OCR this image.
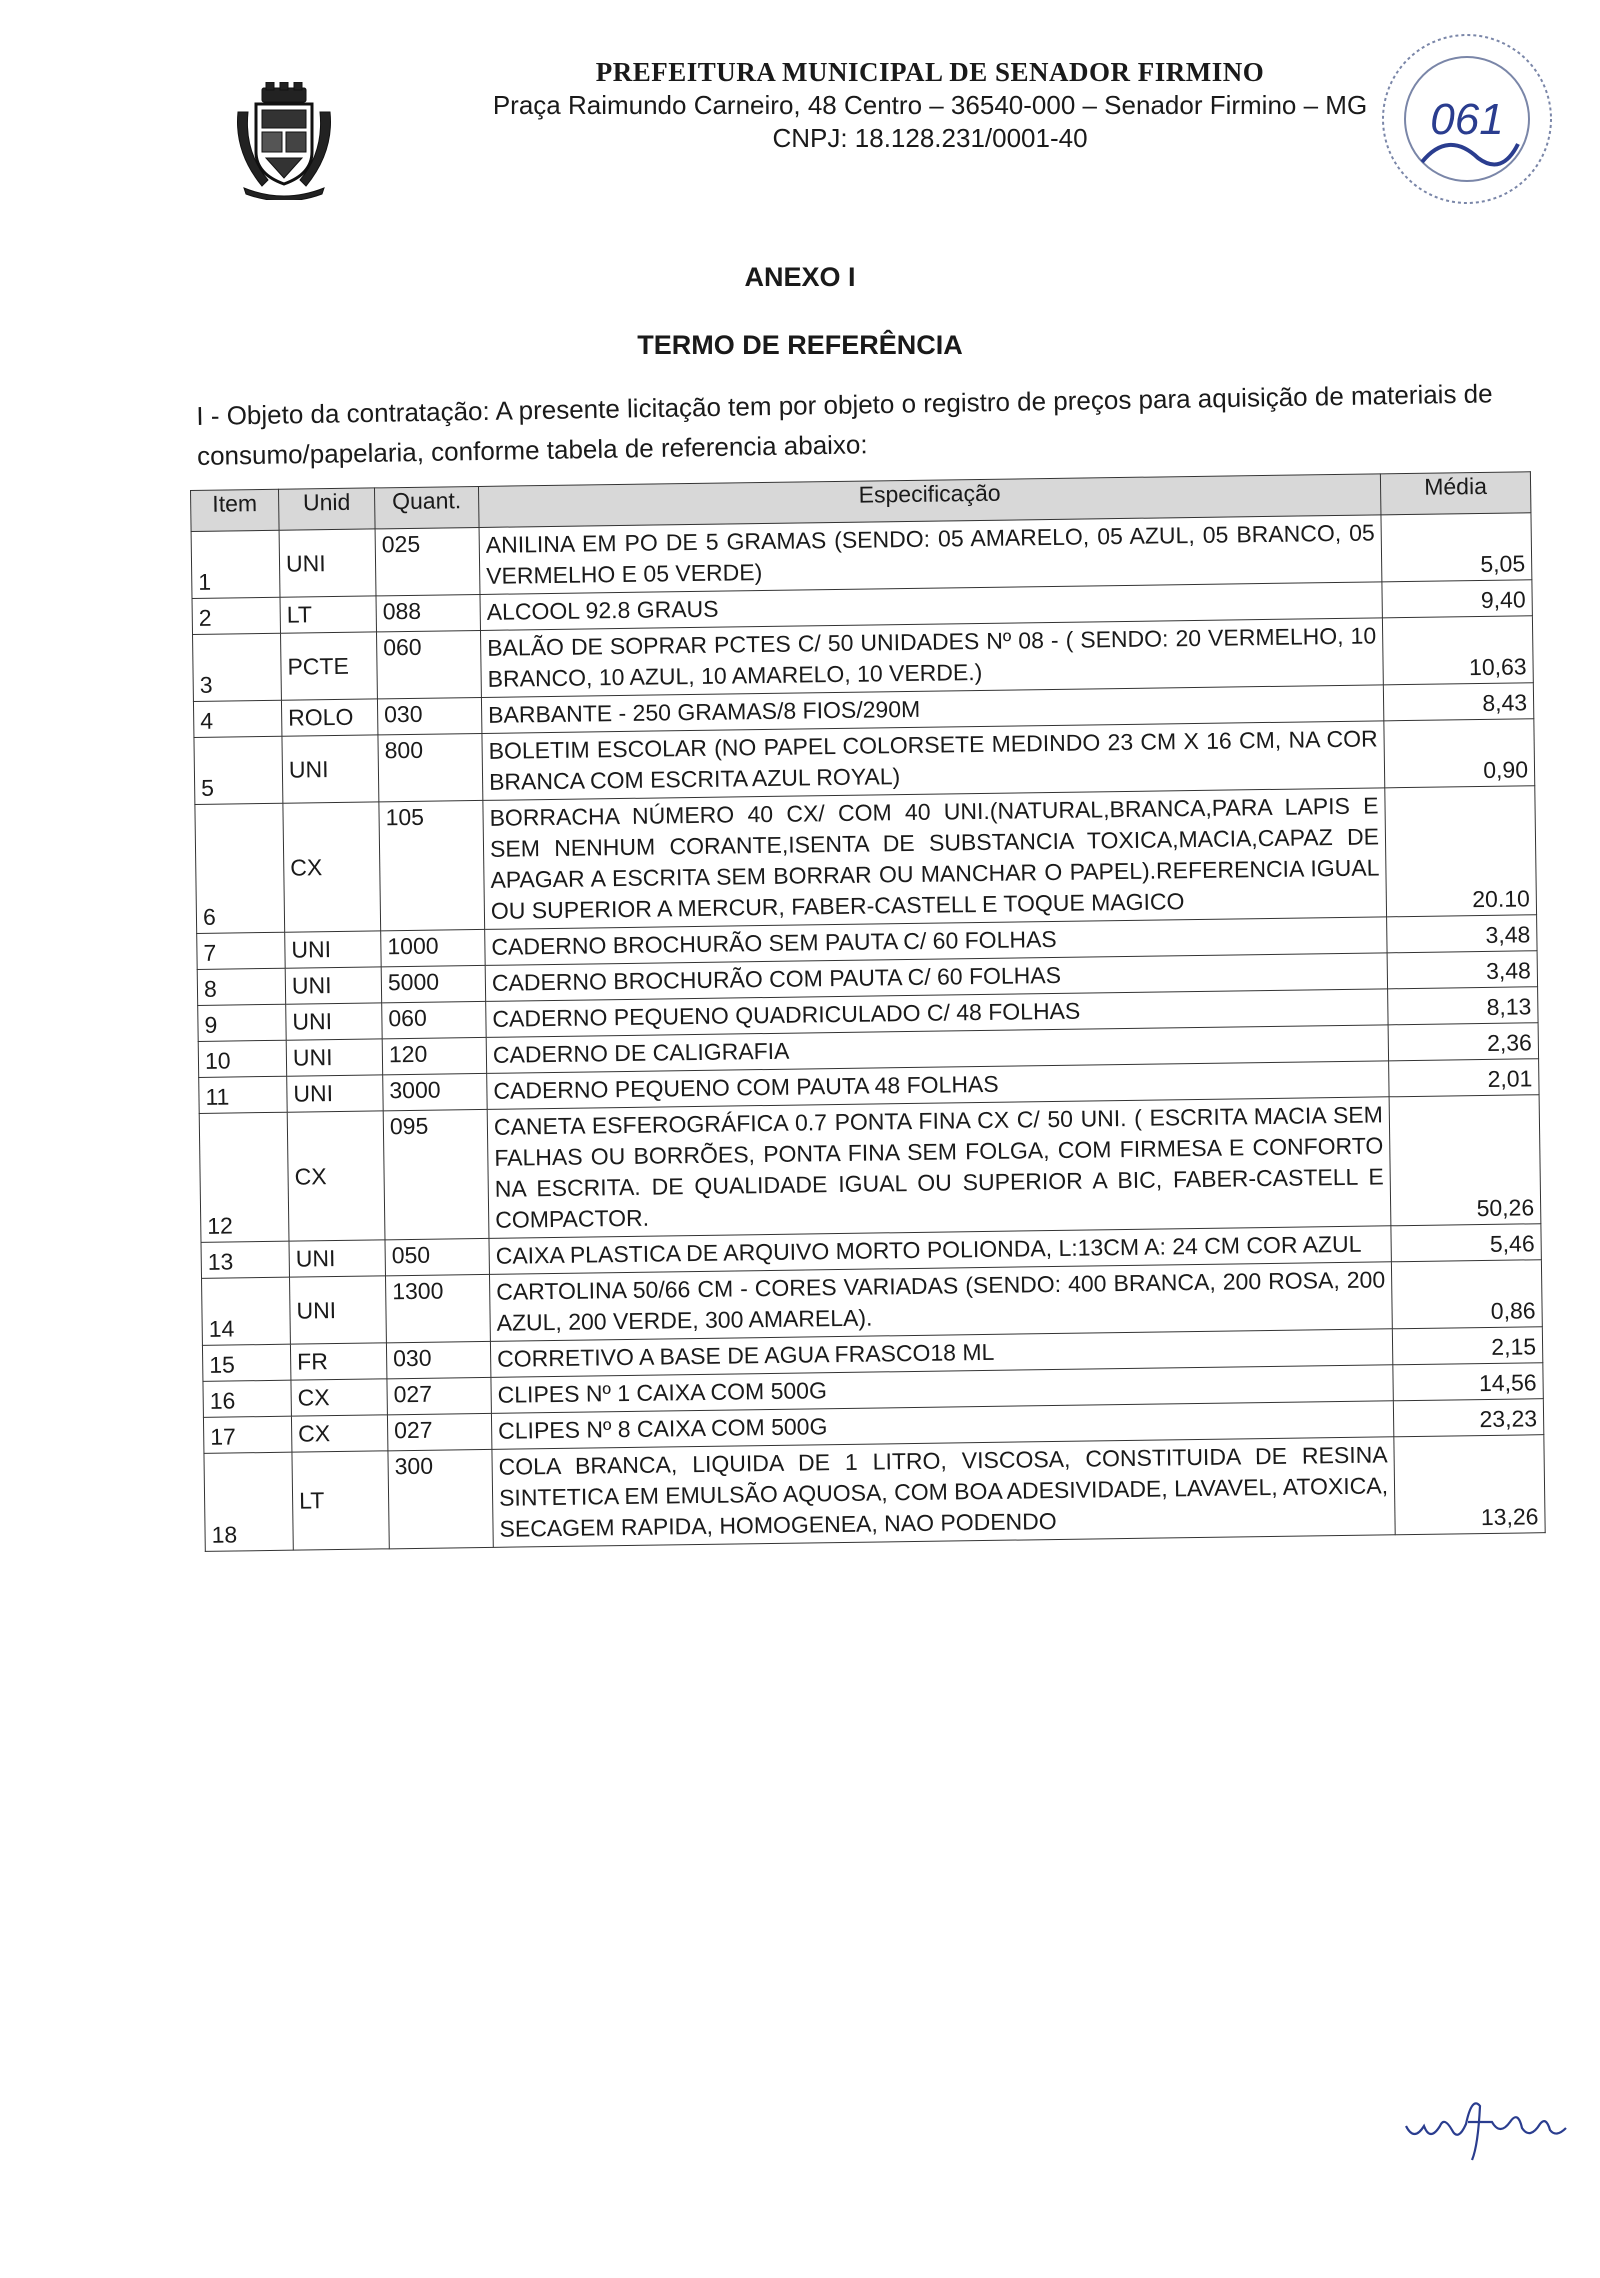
PREFEITURA MUNICIPAL DE SENADOR FIRMINO
Praça Raimundo Carneiro, 48 Centro – 36540-000 – Senador Firmino – MG
CNPJ: 18.128.231/0001-40	061
ANEXO I
TERMO DE REFERÊNCIA
I - Objeto da contratação: A presente licitação tem por objeto o registro de preços para aquisição de materiais de consumo/papelaria, conforme tabela de referencia abaixo:
Item	Unid	Quant.	Especificação	Média
1	UNI	025	ANILINA EM PO DE 5 GRAMAS (SENDO: 05 AMARELO, 05 AZUL, 05 BRANCO, 05 VERMELHO E 05 VERDE)	5,05
2	LT	088	ALCOOL 92.8 GRAUS	9,40
3	PCTE	060	BALÃO DE SOPRAR PCTES C/ 50 UNIDADES Nº 08 - ( SENDO: 20 VERMELHO, 10 BRANCO, 10 AZUL, 10 AMARELO, 10 VERDE.)	10,63
4	ROLO	030	BARBANTE - 250 GRAMAS/8 FIOS/290M	8,43
5	UNI	800	BOLETIM ESCOLAR (NO PAPEL COLORSETE MEDINDO 23 CM X 16 CM, NA COR BRANCA COM ESCRITA AZUL ROYAL)	0,90
6	CX	105	BORRACHA NÚMERO 40 CX/ COM 40 UNI.(NATURAL,BRANCA,PARA LAPIS E SEM NENHUM CORANTE,ISENTA DE SUBSTANCIA TOXICA,MACIA,CAPAZ DE APAGAR A ESCRITA SEM BORRAR OU MANCHAR O PAPEL).REFERENCIA IGUAL OU SUPERIOR A MERCUR, FABER-CASTELL E TOQUE MAGICO	20.10
7	UNI	1000	CADERNO BROCHURÃO SEM PAUTA C/ 60 FOLHAS	3,48
8	UNI	5000	CADERNO BROCHURÃO COM PAUTA C/ 60 FOLHAS	3,48
9	UNI	060	CADERNO PEQUENO QUADRICULADO C/ 48 FOLHAS	8,13
10	UNI	120	CADERNO DE CALIGRAFIA	2,36
11	UNI	3000	CADERNO PEQUENO COM PAUTA 48 FOLHAS	2,01
12	CX	095	CANETA ESFEROGRÁFICA 0.7 PONTA FINA CX C/ 50 UNI. ( ESCRITA MACIA SEM FALHAS OU BORRÕES, PONTA FINA SEM FOLGA, COM FIRMESA E CONFORTO NA ESCRITA. DE QUALIDADE IGUAL OU SUPERIOR A BIC, FABER-CASTELL E COMPACTOR.	50,26
13	UNI	050	CAIXA PLASTICA DE ARQUIVO MORTO POLIONDA, L:13CM A: 24 CM COR AZUL	5,46
14	UNI	1300	CARTOLINA 50/66 CM - CORES VARIADAS (SENDO: 400 BRANCA, 200 ROSA, 200 AZUL, 200 VERDE, 300 AMARELA).	0,86
15	FR	030	CORRETIVO A BASE DE AGUA FRASCO18 ML	2,15
16	CX	027	CLIPES Nº 1 CAIXA COM 500G	14,56
17	CX	027	CLIPES Nº 8 CAIXA COM 500G	23,23
18	LT	300	COLA BRANCA, LIQUIDA DE 1 LITRO, VISCOSA, CONSTITUIDA DE RESINA SINTETICA EM EMULSÃO AQUOSA, COM BOA ADESIVIDADE, LAVAVEL, ATOXICA, SECAGEM RAPIDA, HOMOGENEA, NAO PODENDO	13,26
